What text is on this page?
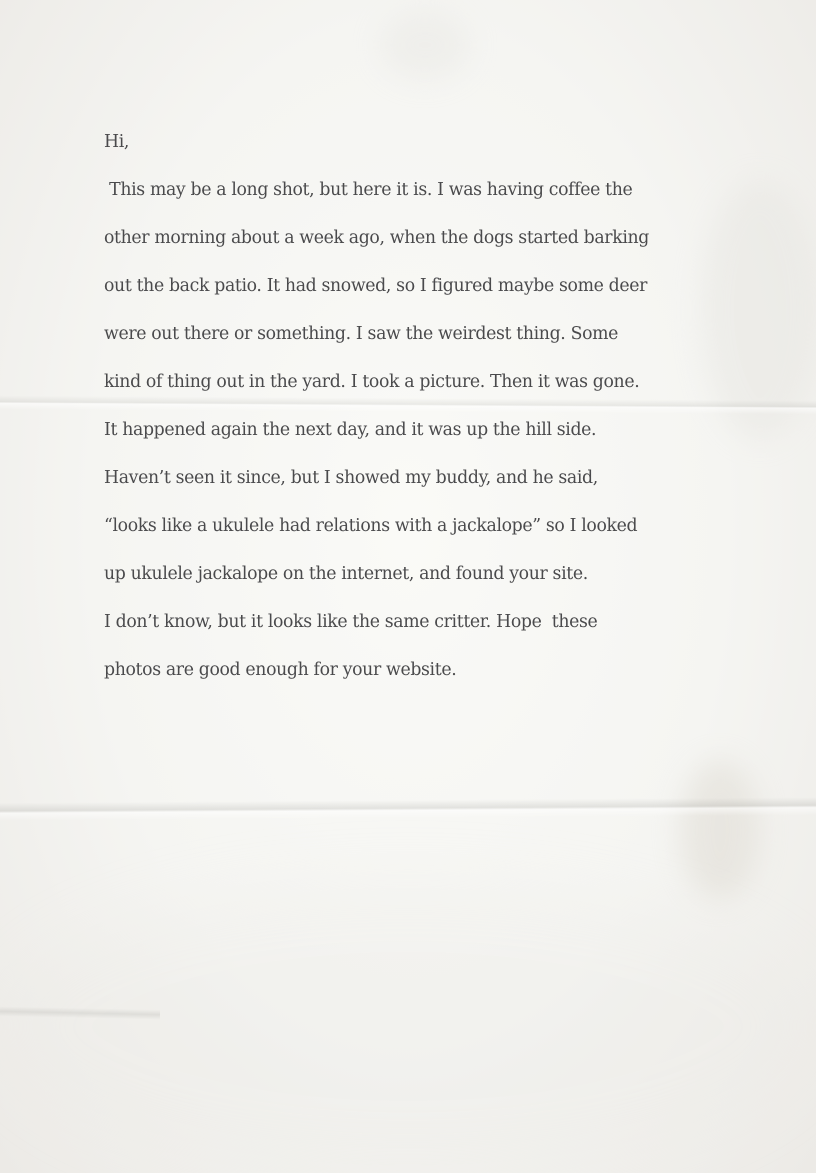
Hi,

This may be a long shot, but here it is. I was having coffee the

other morning about a week ago, when the dogs started barking

out the back patio. It had snowed, so I figured maybe some deer

were out there or something. I saw the weirdest thing. Some

kind of thing out in the yard. I took a picture. Then it was gone.

It happened again the next day, and it was up the hill side.

Haven’t seen it since, but I showed my buddy, and he said,

“looks like a ukulele had relations with a jackalope” so I looked

up ukulele jackalope on the internet, and found your site.

I don’t know, but it looks like the same critter. Hope  these

photos are good enough for your website.
